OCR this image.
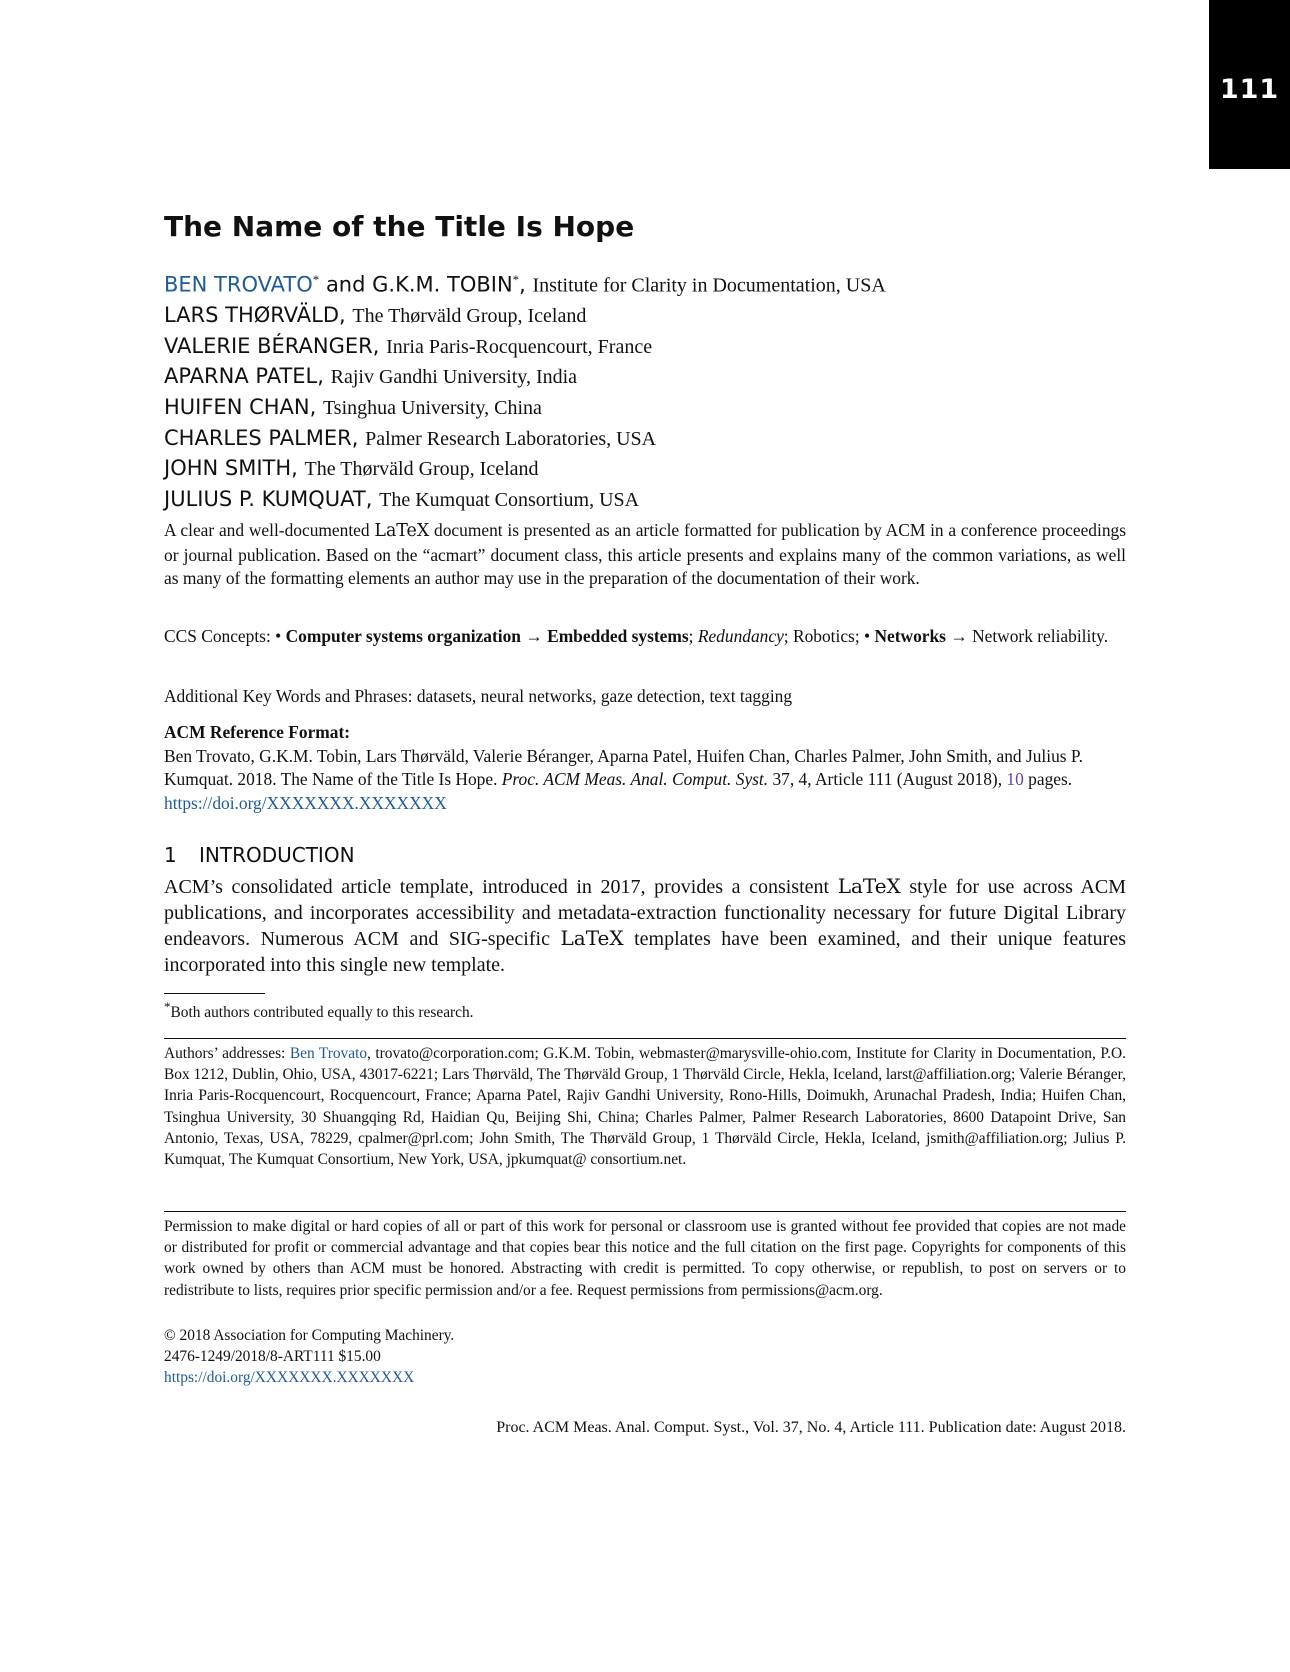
111
The Name of the Title Is Hope
BEN TROVATO* and G.K.M. TOBIN*, Institute for Clarity in Documentation, USA
LARS THØRVÄLD, The Thørväld Group, Iceland
VALERIE BÉRANGER, Inria Paris-Rocquencourt, France
APARNA PATEL, Rajiv Gandhi University, India
HUIFEN CHAN, Tsinghua University, China
CHARLES PALMER, Palmer Research Laboratories, USA
JOHN SMITH, The Thørväld Group, Iceland
JULIUS P. KUMQUAT, The Kumquat Consortium, USA
A clear and well-documented LaTeX document is presented as an article formatted for publication by ACM in a conference proceedings or journal publication. Based on the “acmart” document class, this article presents and explains many of the common variations, as well as many of the formatting elements an author may use in the preparation of the documentation of their work.
CCS Concepts: • Computer systems organization → Embedded systems; Redundancy; Robotics; • Networks → Network reliability.
Additional Key Words and Phrases: datasets, neural networks, gaze detection, text tagging
ACM Reference Format:
Ben Trovato, G.K.M. Tobin, Lars Thørväld, Valerie Béranger, Aparna Patel, Huifen Chan, Charles Palmer, John Smith, and Julius P. Kumquat. 2018. The Name of the Title Is Hope. Proc. ACM Meas. Anal. Comput. Syst. 37, 4, Article 111 (August 2018), 10 pages.
https://doi.org/XXXXXXX.XXXXXXX
1 INTRODUCTION
ACM’s consolidated article template, introduced in 2017, provides a consistent LaTeX style for use across ACM publications, and incorporates accessibility and metadata-extraction functionality necessary for future Digital Library endeavors. Numerous ACM and SIG-specific LaTeX templates have been examined, and their unique features incorporated into this single new template.
*Both authors contributed equally to this research.
Authors’ addresses: Ben Trovato, trovato@corporation.com; G.K.M. Tobin, webmaster@marysville-ohio.com, Institute for Clarity in Documentation, P.O. Box 1212, Dublin, Ohio, USA, 43017-6221; Lars Thørväld, The Thørväld Group, 1 Thørväld Circle, Hekla, Iceland, larst@affiliation.org; Valerie Béranger, Inria Paris-Rocquencourt, Rocquencourt, France; Aparna Patel, Rajiv Gandhi University, Rono-Hills, Doimukh, Arunachal Pradesh, India; Huifen Chan, Tsinghua University, 30 Shuangqing Rd, Haidian Qu, Beijing Shi, China; Charles Palmer, Palmer Research Laboratories, 8600 Datapoint Drive, San Antonio, Texas, USA, 78229, cpalmer@prl.com; John Smith, The Thørväld Group, 1 Thørväld Circle, Hekla, Iceland, jsmith@affiliation.org; Julius P. Kumquat, The Kumquat Consortium, New York, USA, jpkumquat@ consortium.net.
Permission to make digital or hard copies of all or part of this work for personal or classroom use is granted without fee provided that copies are not made or distributed for profit or commercial advantage and that copies bear this notice and the full citation on the first page. Copyrights for components of this work owned by others than ACM must be honored. Abstracting with credit is permitted. To copy otherwise, or republish, to post on servers or to redistribute to lists, requires prior specific permission and/or a fee. Request permissions from permissions@acm.org.
© 2018 Association for Computing Machinery.
2476-1249/2018/8-ART111 $15.00
https://doi.org/XXXXXXX.XXXXXXX
Proc. ACM Meas. Anal. Comput. Syst., Vol. 37, No. 4, Article 111. Publication date: August 2018.
